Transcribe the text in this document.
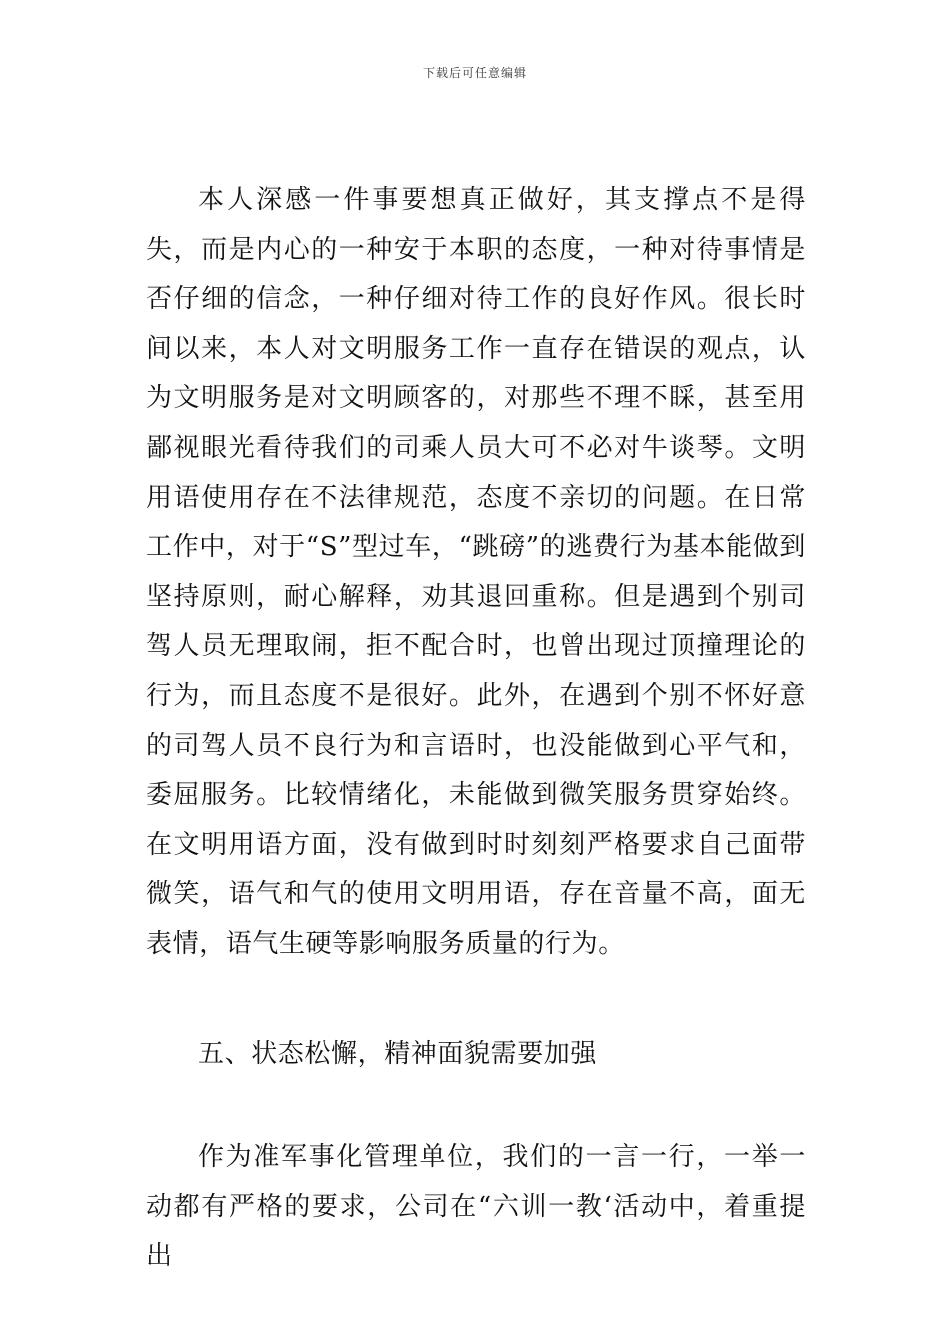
下载后可任意编辑

本人深感一件事要想真正做好，其支撑点不是得失，而是内心的一种安于本职的态度，一种对待事情是否仔细的信念，一种仔细对待工作的良好作风。很长时间以来，本人对文明服务工作一直存在错误的观点，认为文明服务是对文明顾客的，对那些不理不睬，甚至用鄙视眼光看待我们的司乘人员大可不必对牛谈琴。文明用语使用存在不法律规范，态度不亲切的问题。在日常工作中，对于“S”型过车，“跳磅”的逃费行为基本能做到坚持原则，耐心解释，劝其退回重称。但是遇到个别司驾人员无理取闹，拒不配合时，也曾出现过顶撞理论的行为，而且态度不是很好。此外，在遇到个别不怀好意的司驾人员不良行为和言语时，也没能做到心平气和，委屈服务。比较情绪化，未能做到微笑服务贯穿始终。在文明用语方面，没有做到时时刻刻严格要求自己面带微笑，语气和气的使用文明用语，存在音量不高，面无表情，语气生硬等影响服务质量的行为。

五、状态松懈，精神面貌需要加强

作为准军事化管理单位，我们的一言一行，一举一动都有严格的要求，公司在“六训一教‘活动中，着重提出
